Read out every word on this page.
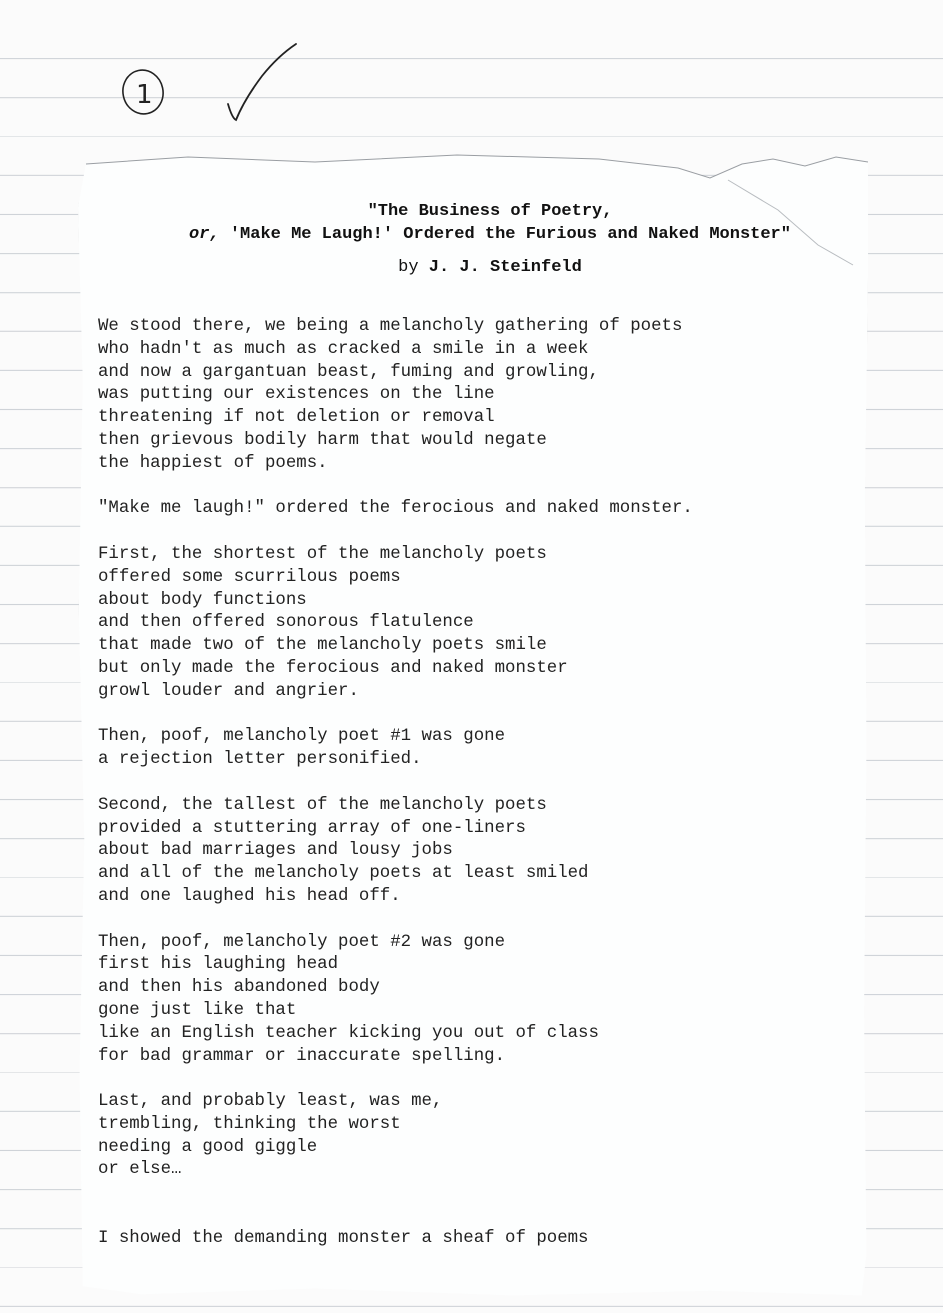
1
"The Business of Poetry,
or, 'Make Me Laugh!' Ordered the Furious and Naked Monster"
by J. J. Steinfeld
We stood there, we being a melancholy gathering of poets
who hadn't as much as cracked a smile in a week
and now a gargantuan beast, fuming and growling,
was putting our existences on the line
threatening if not deletion or removal
then grievous bodily harm that would negate
the happiest of poems.
"Make me laugh!" ordered the ferocious and naked monster.
First, the shortest of the melancholy poets
offered some scurrilous poems
about body functions
and then offered sonorous flatulence
that made two of the melancholy poets smile
but only made the ferocious and naked monster
growl louder and angrier.
Then, poof, melancholy poet #1 was gone
a rejection letter personified.
Second, the tallest of the melancholy poets
provided a stuttering array of one-liners
about bad marriages and lousy jobs
and all of the melancholy poets at least smiled
and one laughed his head off.
Then, poof, melancholy poet #2 was gone
first his laughing head
and then his abandoned body
gone just like that
like an English teacher kicking you out of class
for bad grammar or inaccurate spelling.
Last, and probably least, was me,
trembling, thinking the worst
needing a good giggle
or else…
I showed the demanding monster a sheaf of poems
